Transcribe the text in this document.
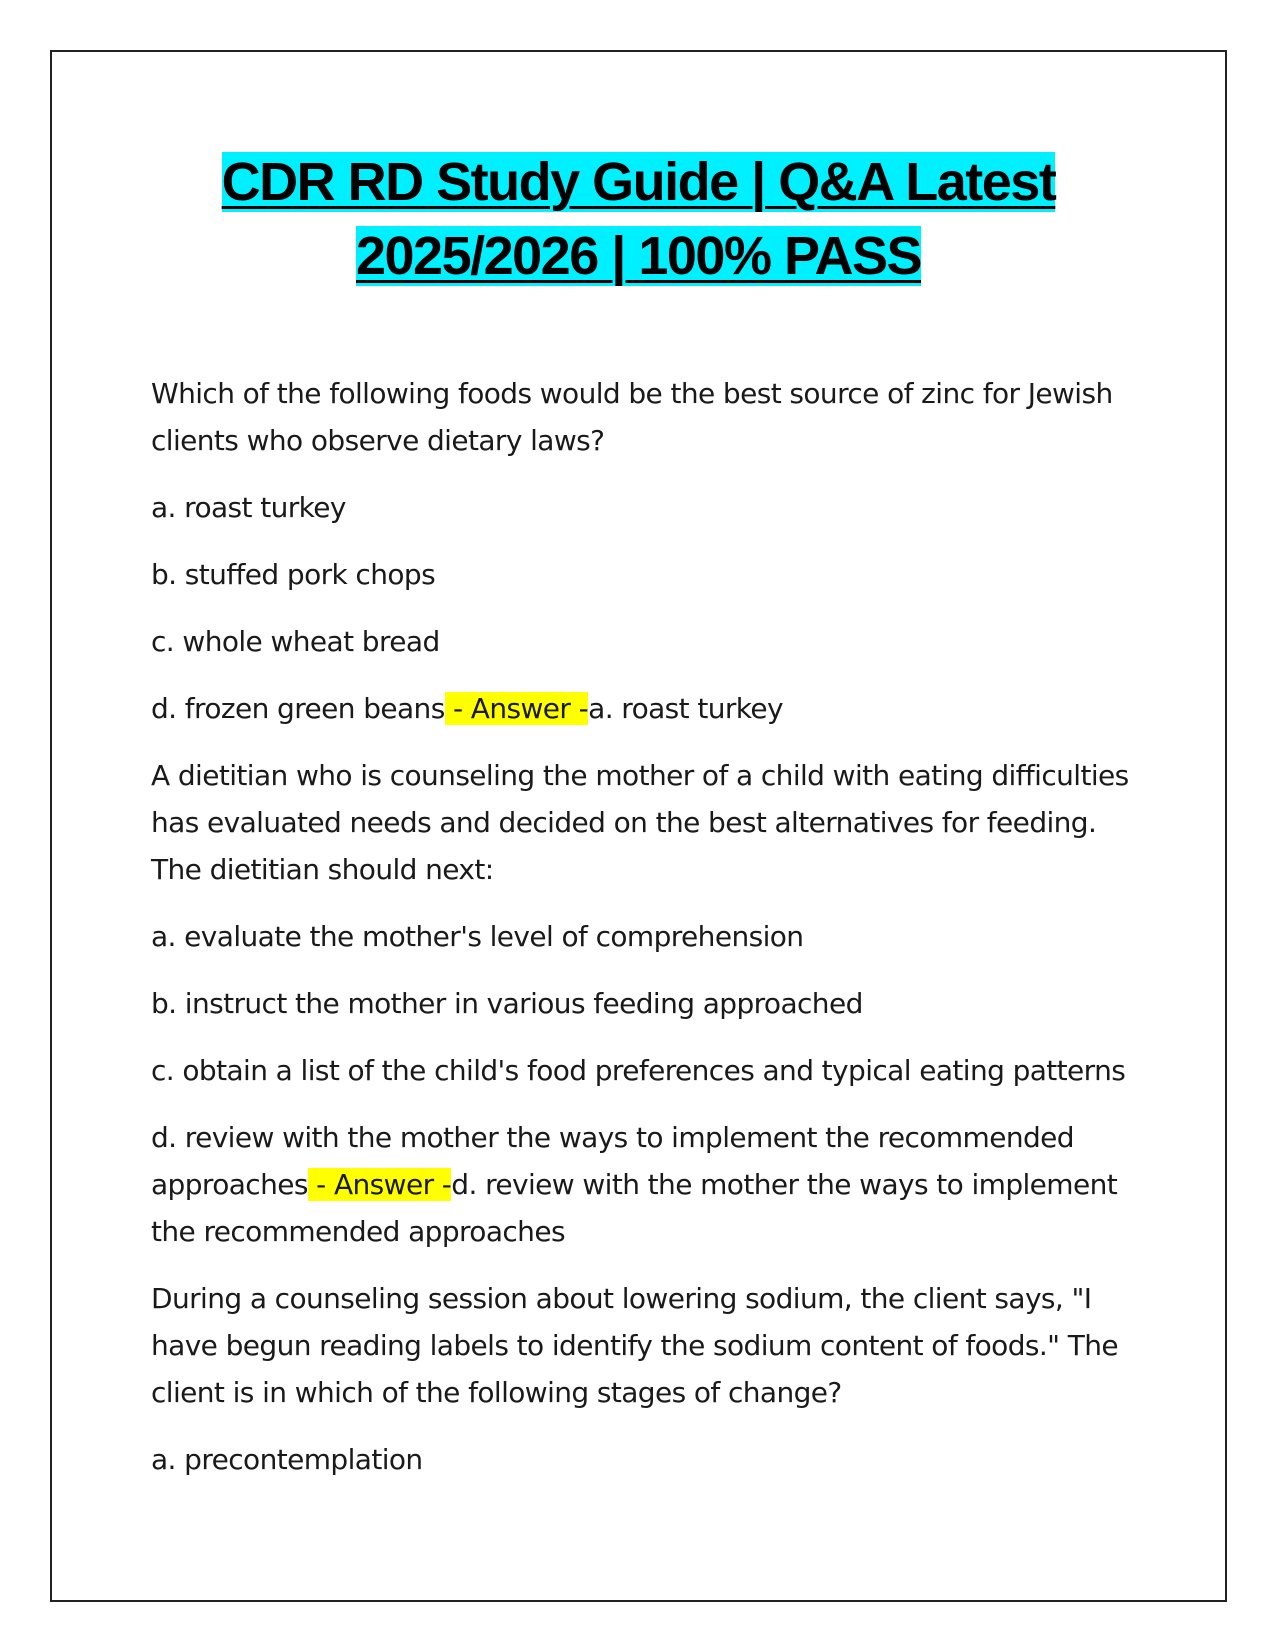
CDR RD Study Guide | Q&A Latest
2025/2026 | 100% PASS

Which of the following foods would be the best source of zinc for Jewish clients who observe dietary laws?

a. roast turkey

b. stuffed pork chops

c. whole wheat bread

d. frozen green beans - Answer -a. roast turkey

A dietitian who is counseling the mother of a child with eating difficulties has evaluated needs and decided on the best alternatives for feeding. The dietitian should next:

a. evaluate the mother's level of comprehension

b. instruct the mother in various feeding approached

c. obtain a list of the child's food preferences and typical eating patterns

d. review with the mother the ways to implement the recommended approaches - Answer -d. review with the mother the ways to implement the recommended approaches

During a counseling session about lowering sodium, the client says, "I have begun reading labels to identify the sodium content of foods." The client is in which of the following stages of change?

a. precontemplation
